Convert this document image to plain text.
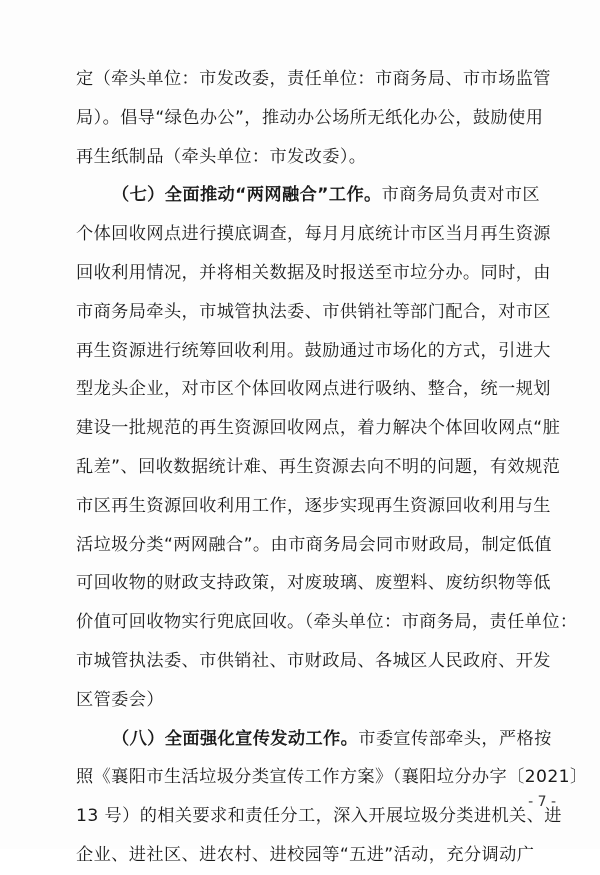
定（牵头单位：市发改委，责任单位：市商务局、市市场监管
局）。倡导“绿色办公”，推动办公场所无纸化办公，鼓励使用
再生纸制品（牵头单位：市发改委）。
（七）全面推动“两网融合”工作。市商务局负责对市区
个体回收网点进行摸底调查，每月月底统计市区当月再生资源
回收利用情况，并将相关数据及时报送至市垃分办。同时，由
市商务局牵头，市城管执法委、市供销社等部门配合，对市区
再生资源进行统筹回收利用。鼓励通过市场化的方式，引进大
型龙头企业，对市区个体回收网点进行吸纳、整合，统一规划
建设一批规范的再生资源回收网点，着力解决个体回收网点“脏
乱差”、回收数据统计难、再生资源去向不明的问题，有效规范
市区再生资源回收利用工作，逐步实现再生资源回收利用与生
活垃圾分类“两网融合”。由市商务局会同市财政局，制定低值
可回收物的财政支持政策，对废玻璃、废塑料、废纺织物等低
价值可回收物实行兜底回收。（牵头单位：市商务局，责任单位：
市城管执法委、市供销社、市财政局、各城区人民政府、开发
区管委会）
（八）全面强化宣传发动工作。市委宣传部牵头，严格按
照《襄阳市生活垃圾分类宣传工作方案》（襄阳垃分办字〔2021〕
13 号）的相关要求和责任分工，深入开展垃圾分类进机关、进
企业、进社区、进农村、进校园等“五进”活动，充分调动广
- 7 -
